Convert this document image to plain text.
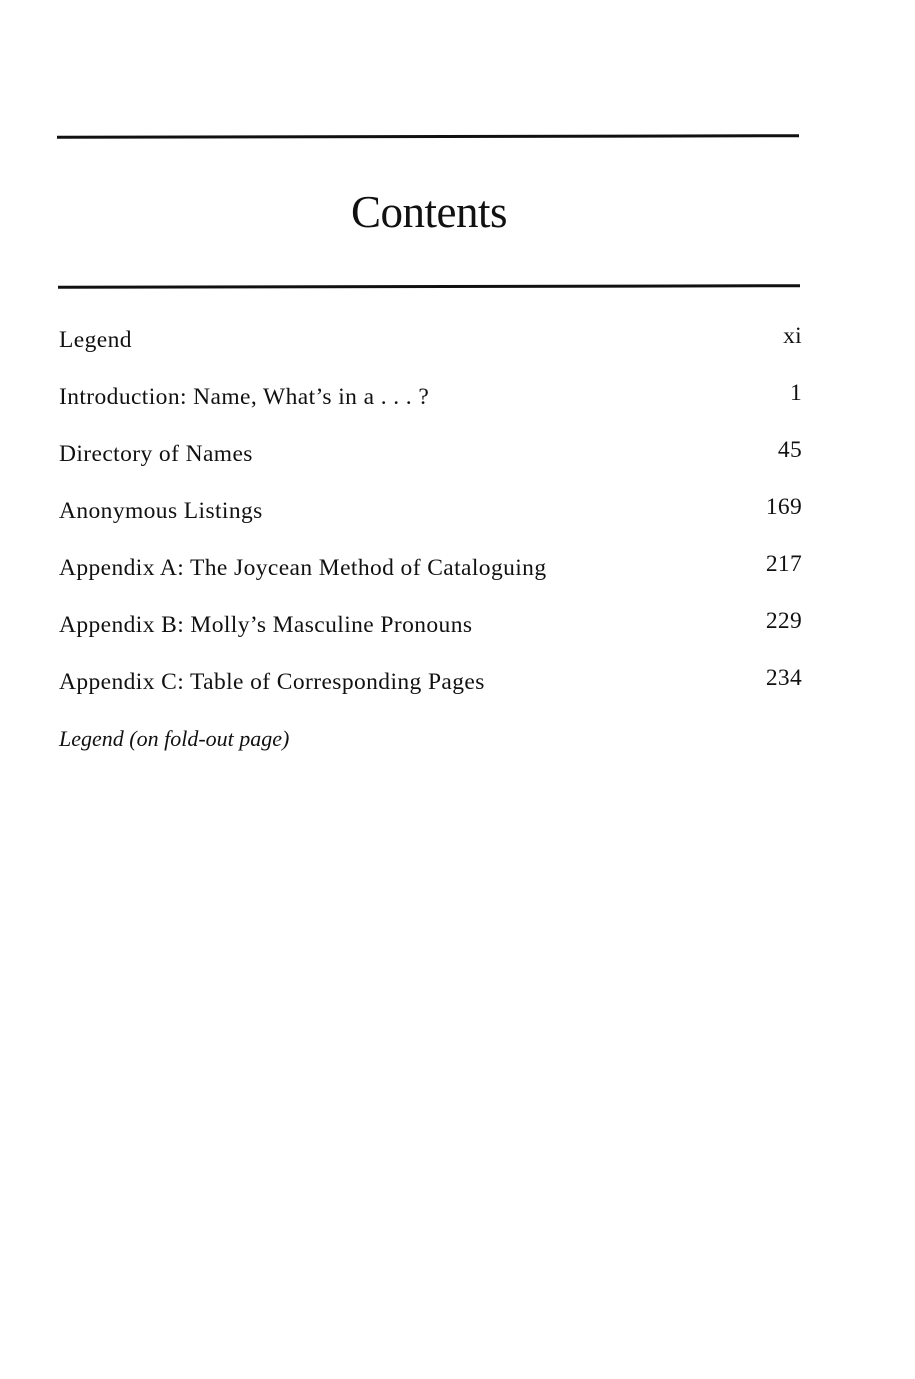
Contents
Legend	xi
Introduction: Name, What’s in a . . . ?	1
Directory of Names	45
Anonymous Listings	169
Appendix A: The Joycean Method of Cataloguing	217
Appendix B: Molly’s Masculine Pronouns	229
Appendix C: Table of Corresponding Pages	234
Legend (on fold-out page)
